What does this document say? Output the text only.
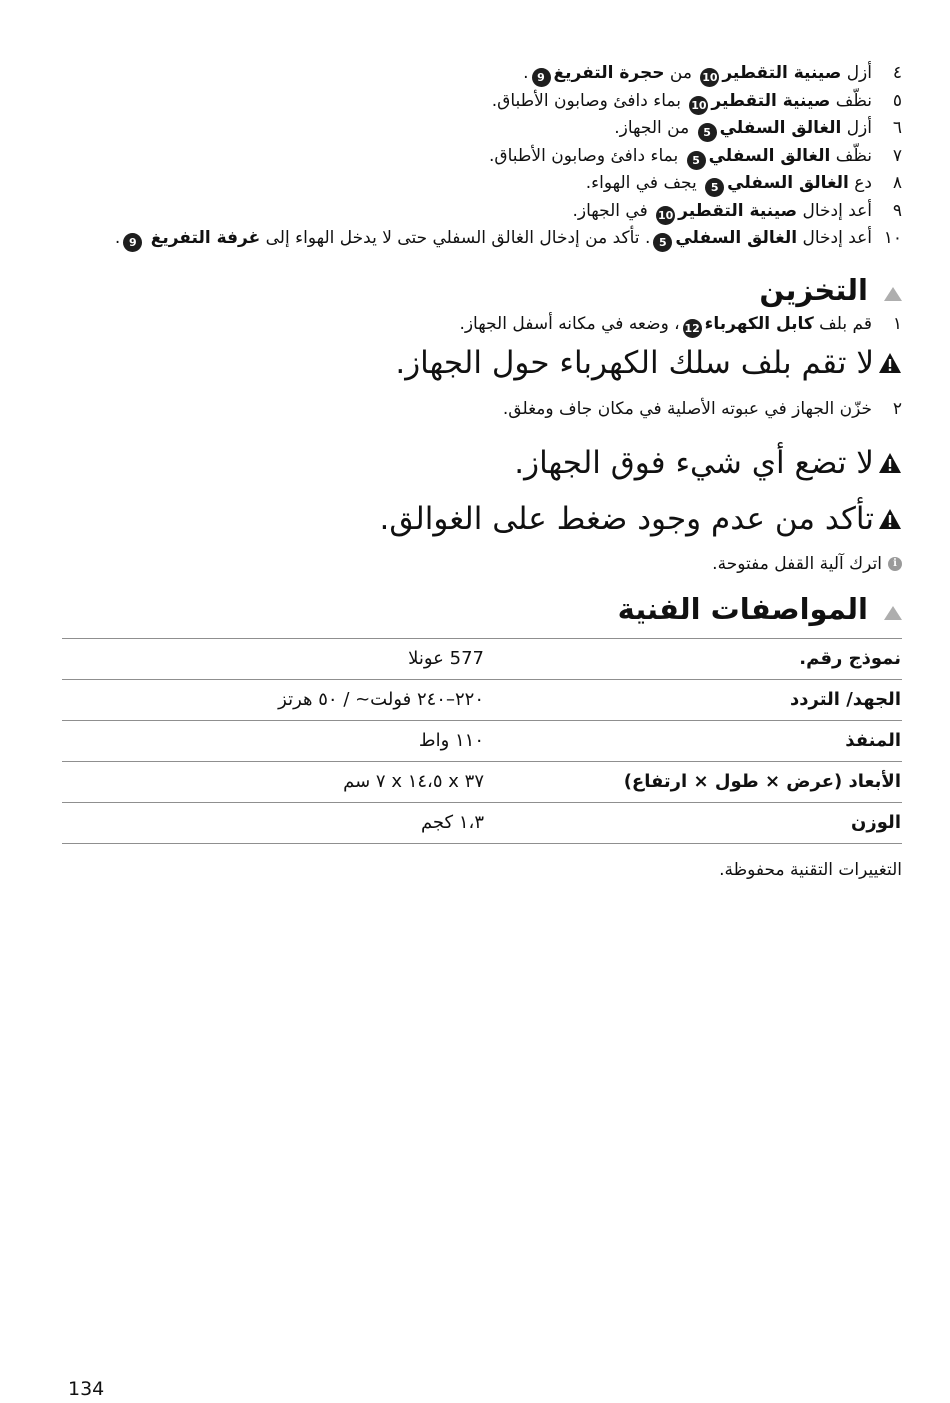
٤
أزل صينية التقطير10 من حجرة التفريغ9.
٥
نظّف صينية التقطير10 بماء دافئ وصابون الأطباق.
٦
أزل الغالق السفلي5 من الجهاز.
٧
نظّف الغالق السفلي5 بماء دافئ وصابون الأطباق.
٨
دع الغالق السفلي5 يجف في الهواء.
٩
أعد إدخال صينية التقطير10 في الجهاز.
١٠
أعد إدخال الغالق السفلي5. تأكد من إدخال الغالق السفلي حتى لا يدخل الهواء إلى غرفة التفريغ 9.
التخزين
١
قم بلف كابل الكهرباء12، وضعه في مكانه أسفل الجهاز.
لا تقم بلف سلك الكهرباء حول الجهاز.
٢
خزّن الجهاز في عبوته الأصلية في مكان جاف ومغلق.
لا تضع أي شيء فوق الجهاز.
تأكد من عدم وجود ضغط على الغوالق.
i
اترك آلية القفل مفتوحة.
المواصفات الفنية
نموذج رقم.	577 عونلا
الجهد/ التردد	٢٢٠–٢٤٠ فولت~ / ٥٠ هرتز
المنفذ	١١٠ واط
الأبعاد (عرض × طول × ارتفاع)	٣٧ x ١٤،٥ x ٧ سم
الوزن	١،٣ كجم
التغييرات التقنية محفوظة.
134
